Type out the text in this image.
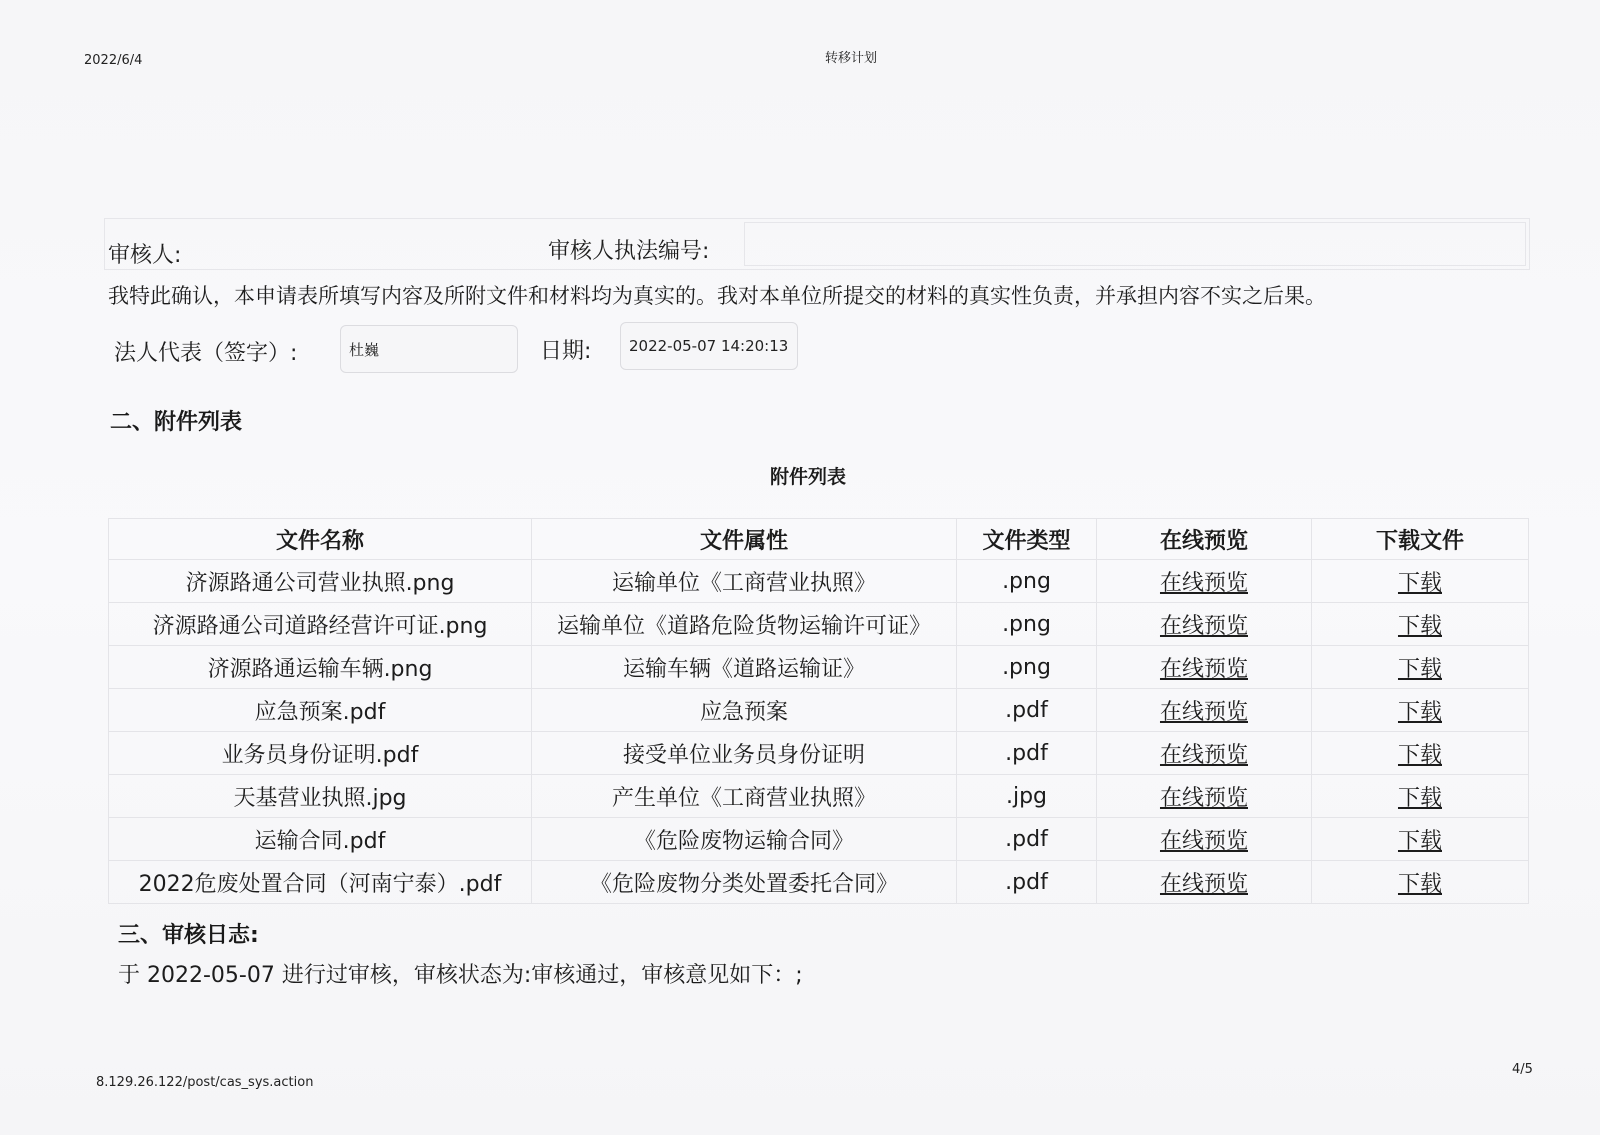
2022/6/4	转移计划
审核人:	审核人执法编号:
我特此确认，本申请表所填写内容及所附文件和材料均为真实的。我对本单位所提交的材料的真实性负责，并承担内容不实之后果。
法人代表（签字）:	杜巍	日期:	2022-05-07 14:20:13
二、附件列表
附件列表
文件名称	文件属性	文件类型	在线预览	下载文件
济源路通公司营业执照.png	运输单位《工商营业执照》	.png	在线预览	下载
济源路通公司道路经营许可证.png	运输单位《道路危险货物运输许可证》	.png	在线预览	下载
济源路通运输车辆.png	运输车辆《道路运输证》	.png	在线预览	下载
应急预案.pdf	应急预案	.pdf	在线预览	下载
业务员身份证明.pdf	接受单位业务员身份证明	.pdf	在线预览	下载
天基营业执照.jpg	产生单位《工商营业执照》	.jpg	在线预览	下载
运输合同.pdf	《危险废物运输合同》	.pdf	在线预览	下载
2022危废处置合同（河南宁泰）.pdf	《危险废物分类处置委托合同》	.pdf	在线预览	下载
三、审核日志:
于 2022-05-07 进行过审核，审核状态为:审核通过，审核意见如下：;
8.129.26.122/post/cas_sys.action
4/5
